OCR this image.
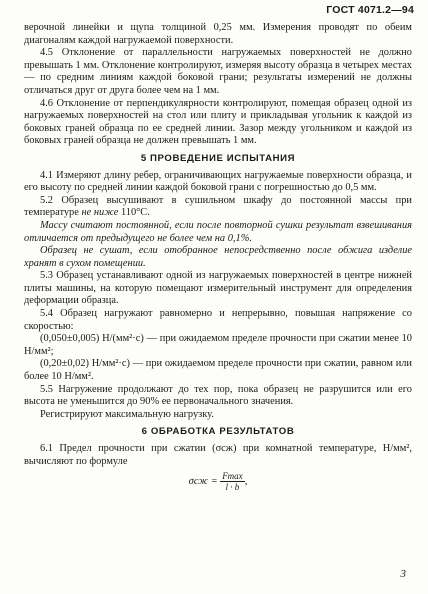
ГОСТ 4071.2—94

верочной линейки и щупа толщиной 0,25 мм. Измерения проводят по обеим диагоналям каждой нагружаемой поверхности.

4.5 Отклонение от параллельности нагружаемых поверхностей не должно превышать 1 мм. Отклонение контролируют, измеряя высоту образца в четырех местах — по средним линиям каждой боковой грани; результаты измерений не должны отличаться друг от друга более чем на 1 мм.

4.6 Отклонение от перпендикулярности контролируют, помещая образец одной из нагружаемых поверхностей на стол или плиту и прикладывая угольник к каждой из боковых граней образца по ее средней линии. Зазор между угольником и каждой из боковых граней образца не должен превышать 1 мм.

5 ПРОВЕДЕНИЕ ИСПЫТАНИЯ

4.1 Измеряют длину ребер, ограничивающих нагружаемые поверхности образца, и его высоту по средней линии каждой боковой грани с погрешностью до 0,5 мм.

5.2 Образец высушивают в сушильном шкафу до постоянной массы при температуре не ниже 110°С.

Массу считают постоянной, если после повторной сушки результат взвешивания отличается от предыдущего не более чем на 0,1%.

Образец не сушат, если отобранное непосредственно после обжига изделие хранят в сухом помещении.

5.3 Образец устанавливают одной из нагружаемых поверхностей в центре нижней плиты машины, на которую помещают измерительный инструмент для определения деформации образца.

5.4 Образец нагружают равномерно и непрерывно, повышая напряжение со скоростью:

(0,050±0,005) Н/(мм²·с) — при ожидаемом пределе прочности при сжатии менее 10 Н/мм²;

(0,20±0,02) Н/мм²·с) — при ожидаемом пределе прочности при сжатии, равном или более 10 Н/мм².

5.5 Нагружение продолжают до тех пор, пока образец не разрушится или его высота не уменьшится до 90% ее первоначального значения.

Регистрируют максимальную нагрузку.

6 ОБРАБОТКА РЕЗУЛЬТАТОВ

6.1 Предел прочности при сжатии (σсж) при комнатной температуре, Н/мм², вычисляют по формуле

$\sigma сж = \frac{Fmax}{l \cdot b}$ ,

3
